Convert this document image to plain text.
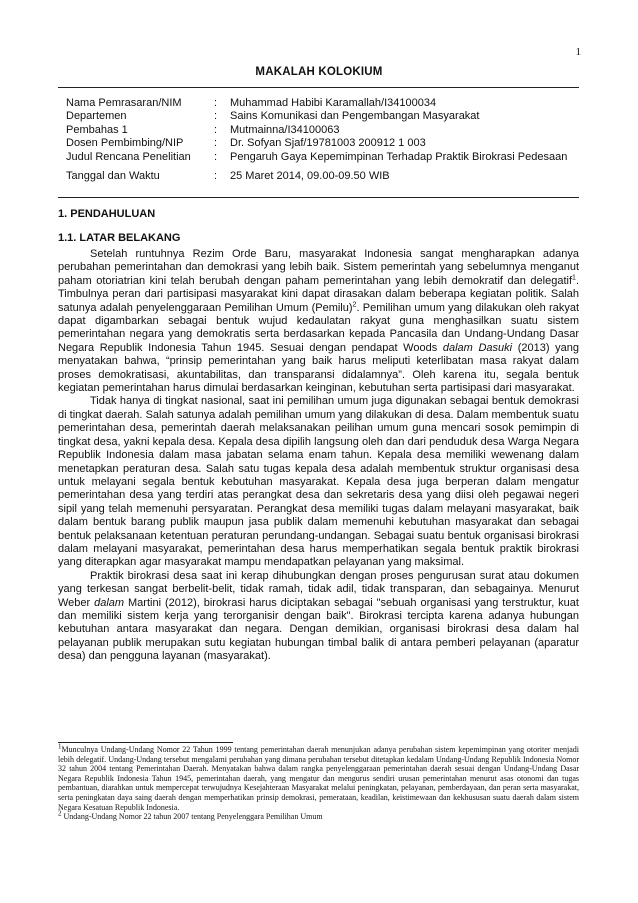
1
MAKALAH KOLOKIUM
Nama Pemrasaran/NIM	:	Muhammad Habibi Karamallah/I34100034
Departemen	:	Sains Komunikasi dan Pengembangan Masyarakat
Pembahas 1	:	Mutmainna/I34100063
Dosen Pembimbing/NIP	:	Dr. Sofyan Sjaf/19781003 200912 1 003
Judul Rencana Penelitian	:	Pengaruh Gaya Kepemimpinan Terhadap Praktik Birokrasi Pedesaan
Tanggal dan Waktu	:	25 Maret 2014, 09.00-09.50 WIB
1. PENDAHULUAN
1.1. LATAR BELAKANG

Setelah runtuhnya Rezim Orde Baru, masyarakat Indonesia sangat mengharapkan adanya perubahan pemerintahan dan demokrasi yang lebih baik. Sistem pemerintah yang sebelumnya menganut paham otoriatrian kini telah berubah dengan paham pemerintahan yang lebih demokratif dan delegatif$^1$. Timbulnya peran dari partisipasi masyarakat kini dapat dirasakan dalam beberapa kegiatan politik. Salah satunya adalah penyelenggaraan Pemilihan Umum (Pemilu)$^2$. Pemilihan umum yang dilakukan oleh rakyat dapat digambarkan sebagai bentuk wujud kedaulatan rakyat guna menghasilkan suatu sistem pemerintahan negara yang demokratis serta berdasarkan kepada Pancasila dan Undang-Undang Dasar Negara Republik Indonesia Tahun 1945. Sesuai dengan pendapat Woods dalam Dasuki (2013) yang menyatakan bahwa, “prinsip pemerintahan yang baik harus meliputi keterlibatan masa rakyat dalam proses demokratisasi, akuntabilitas, dan transparansi didalamnya”. Oleh karena itu, segala bentuk kegiatan pemerintahan harus dimulai berdasarkan keinginan, kebutuhan serta partisipasi dari masyarakat.

Tidak hanya di tingkat nasional, saat ini pemilihan umum juga digunakan sebagai bentuk demokrasi di tingkat daerah. Salah satunya adalah pemilihan umum yang dilakukan di desa. Dalam membentuk suatu pemerintahan desa, pemerintah daerah melaksanakan peilihan umum guna mencari sosok pemimpin di tingkat desa, yakni kepala desa. Kepala desa dipilih langsung oleh dan dari penduduk desa Warga Negara Republik Indonesia dalam masa jabatan selama enam tahun. Kepala desa memiliki wewenang dalam menetapkan peraturan desa. Salah satu tugas kepala desa adalah membentuk struktur organisasi desa untuk melayani segala bentuk kebutuhan masyarakat. Kepala desa juga berperan dalam mengatur pemerintahan desa yang terdiri atas perangkat desa dan sekretaris desa yang diisi oleh pegawai negeri sipil yang telah memenuhi persyaratan. Perangkat desa memiliki tugas dalam melayani masyarakat, baik dalam bentuk barang publik maupun jasa publik dalam memenuhi kebutuhan masyarakat dan sebagai bentuk pelaksanaan ketentuan peraturan perundang-undangan. Sebagai suatu bentuk organisasi birokrasi dalam melayani masyarakat, pemerintahan desa harus memperhatikan segala bentuk praktik birokrasi yang diterapkan agar masyarakat mampu mendapatkan pelayanan yang maksimal.

Praktik birokrasi desa saat ini kerap dihubungkan dengan proses pengurusan surat atau dokumen yang terkesan sangat berbelit-belit, tidak ramah, tidak adil, tidak transparan, dan sebagainya. Menurut Weber dalam Martini (2012), birokrasi harus diciptakan sebagai "sebuah organisasi yang terstruktur, kuat dan memiliki sistem kerja yang terorganisir dengan baik". Birokrasi tercipta karena adanya hubungan kebutuhan antara masyarakat dan negara. Dengan demikian, organisasi birokrasi desa dalam hal pelayanan publik merupakan sutu kegiatan hubungan timbal balik di antara pemberi pelayanan (aparatur desa) dan pengguna layanan (masyarakat).

$^1$Munculnya Undang-Undang Nomor 22 Tahun 1999 tentang pemerintahan daerah menunjukan adanya perubahan sistem kepemimpinan yang otoriter menjadi lebih delegatif. Undang-Undang tersebut mengalami perubahan yang dimana perubahan tersebut ditetapkan kedalam Undang-Undang Republik Indonesia Nomor 32 tahun 2004 tentang Pemerintahan Daerah. Menyatakan bahwa dalam rangka penyelenggaraan pemerintahan daerah sesuai dengan Undang-Undang Dasar Negara Republik Indonesia Tahun 1945, pemerintahan daerah, yang mengatur dan mengurus sendiri urusan pemerintahan menurut asas otonomi dan tugas pembantuan, diarahkan untuk mempercepat terwujudnya Kesejahteraan Masyarakat melalui peningkatan, pelayanan, pemberdayaan, dan peran serta masyarakat, serta peningkatan daya saing daerah dengan memperhatikan prinsip demokrasi, pemerataan, keadilan, keistimewaan dan kekhususan suatu daerah dalam sistem Negara Kesatuan Republik Indonesia.

$^2$ Undang-Undang Nomor 22 tahun 2007 tentang Penyelenggara Pemilihan Umum
